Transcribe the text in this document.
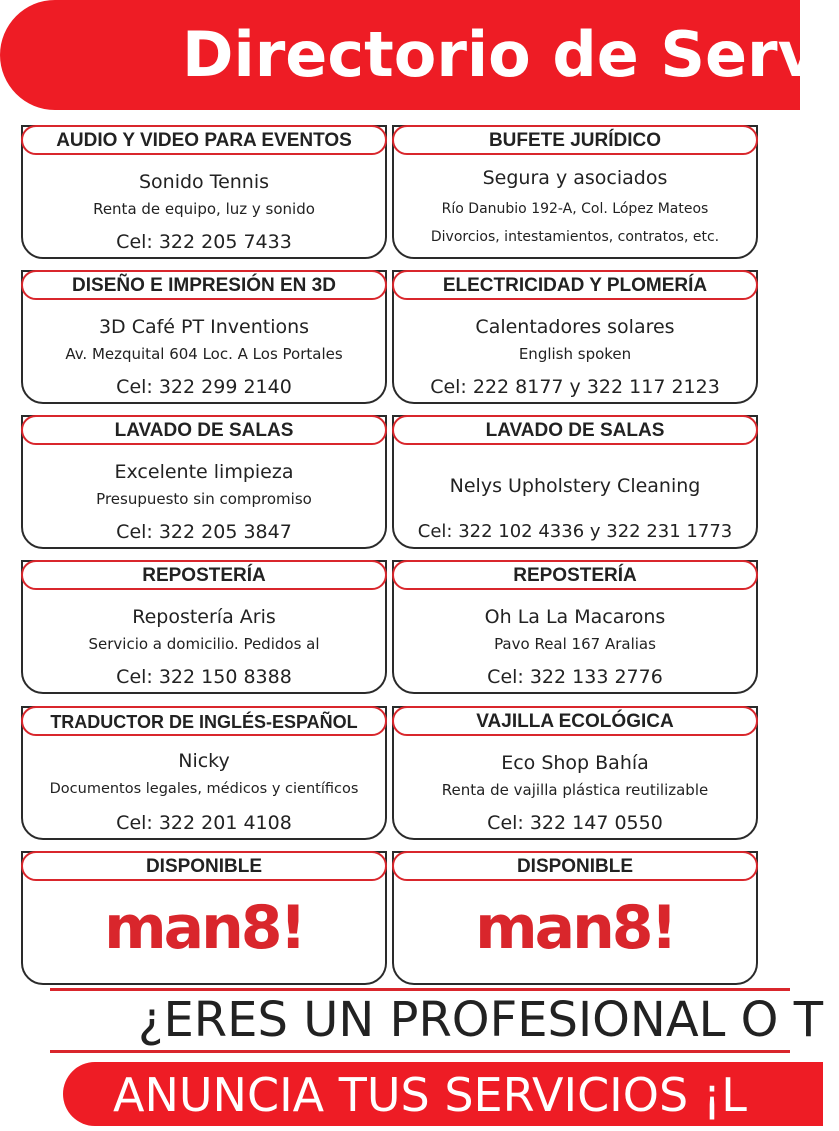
Directorio de Servi
AUDIO Y VIDEO PARA EVENTOS
Sonido Tennis
Renta de equipo, luz y sonido
Cel: 322 205 7433
BUFETE JURÍDICO
Segura y asociados
Río Danubio 192-A, Col. López Mateos
Divorcios, intestamientos, contratos, etc.
DISEÑO E IMPRESIÓN EN 3D
3D Café PT Inventions
Av. Mezquital 604 Loc. A Los Portales
Cel: 322 299 2140
ELECTRICIDAD Y PLOMERÍA
Calentadores solares
English spoken
Cel: 222 8177 y 322 117 2123
LAVADO DE SALAS
Excelente limpieza
Presupuesto sin compromiso
Cel: 322 205 3847
LAVADO DE SALAS
Nelys Upholstery Cleaning
Cel: 322 102 4336 y 322 231 1773
REPOSTERÍA
Repostería Aris
Servicio a domicilio. Pedidos al
Cel: 322 150 8388
REPOSTERÍA
Oh La La Macarons
Pavo Real 167 Aralias
Cel: 322 133 2776
TRADUCTOR DE INGLÉS-ESPAÑOL
Nicky
Documentos legales, médicos y científicos
Cel: 322 201 4108
VAJILLA ECOLÓGICA
Eco Shop Bahía
Renta de vajilla plástica reutilizable
Cel: 322 147 0550
DISPONIBLE
man8!
DISPONIBLE
man8!
¿ERES UN PROFESIONAL O T
ANUNCIA TUS SERVICIOS ¡L
